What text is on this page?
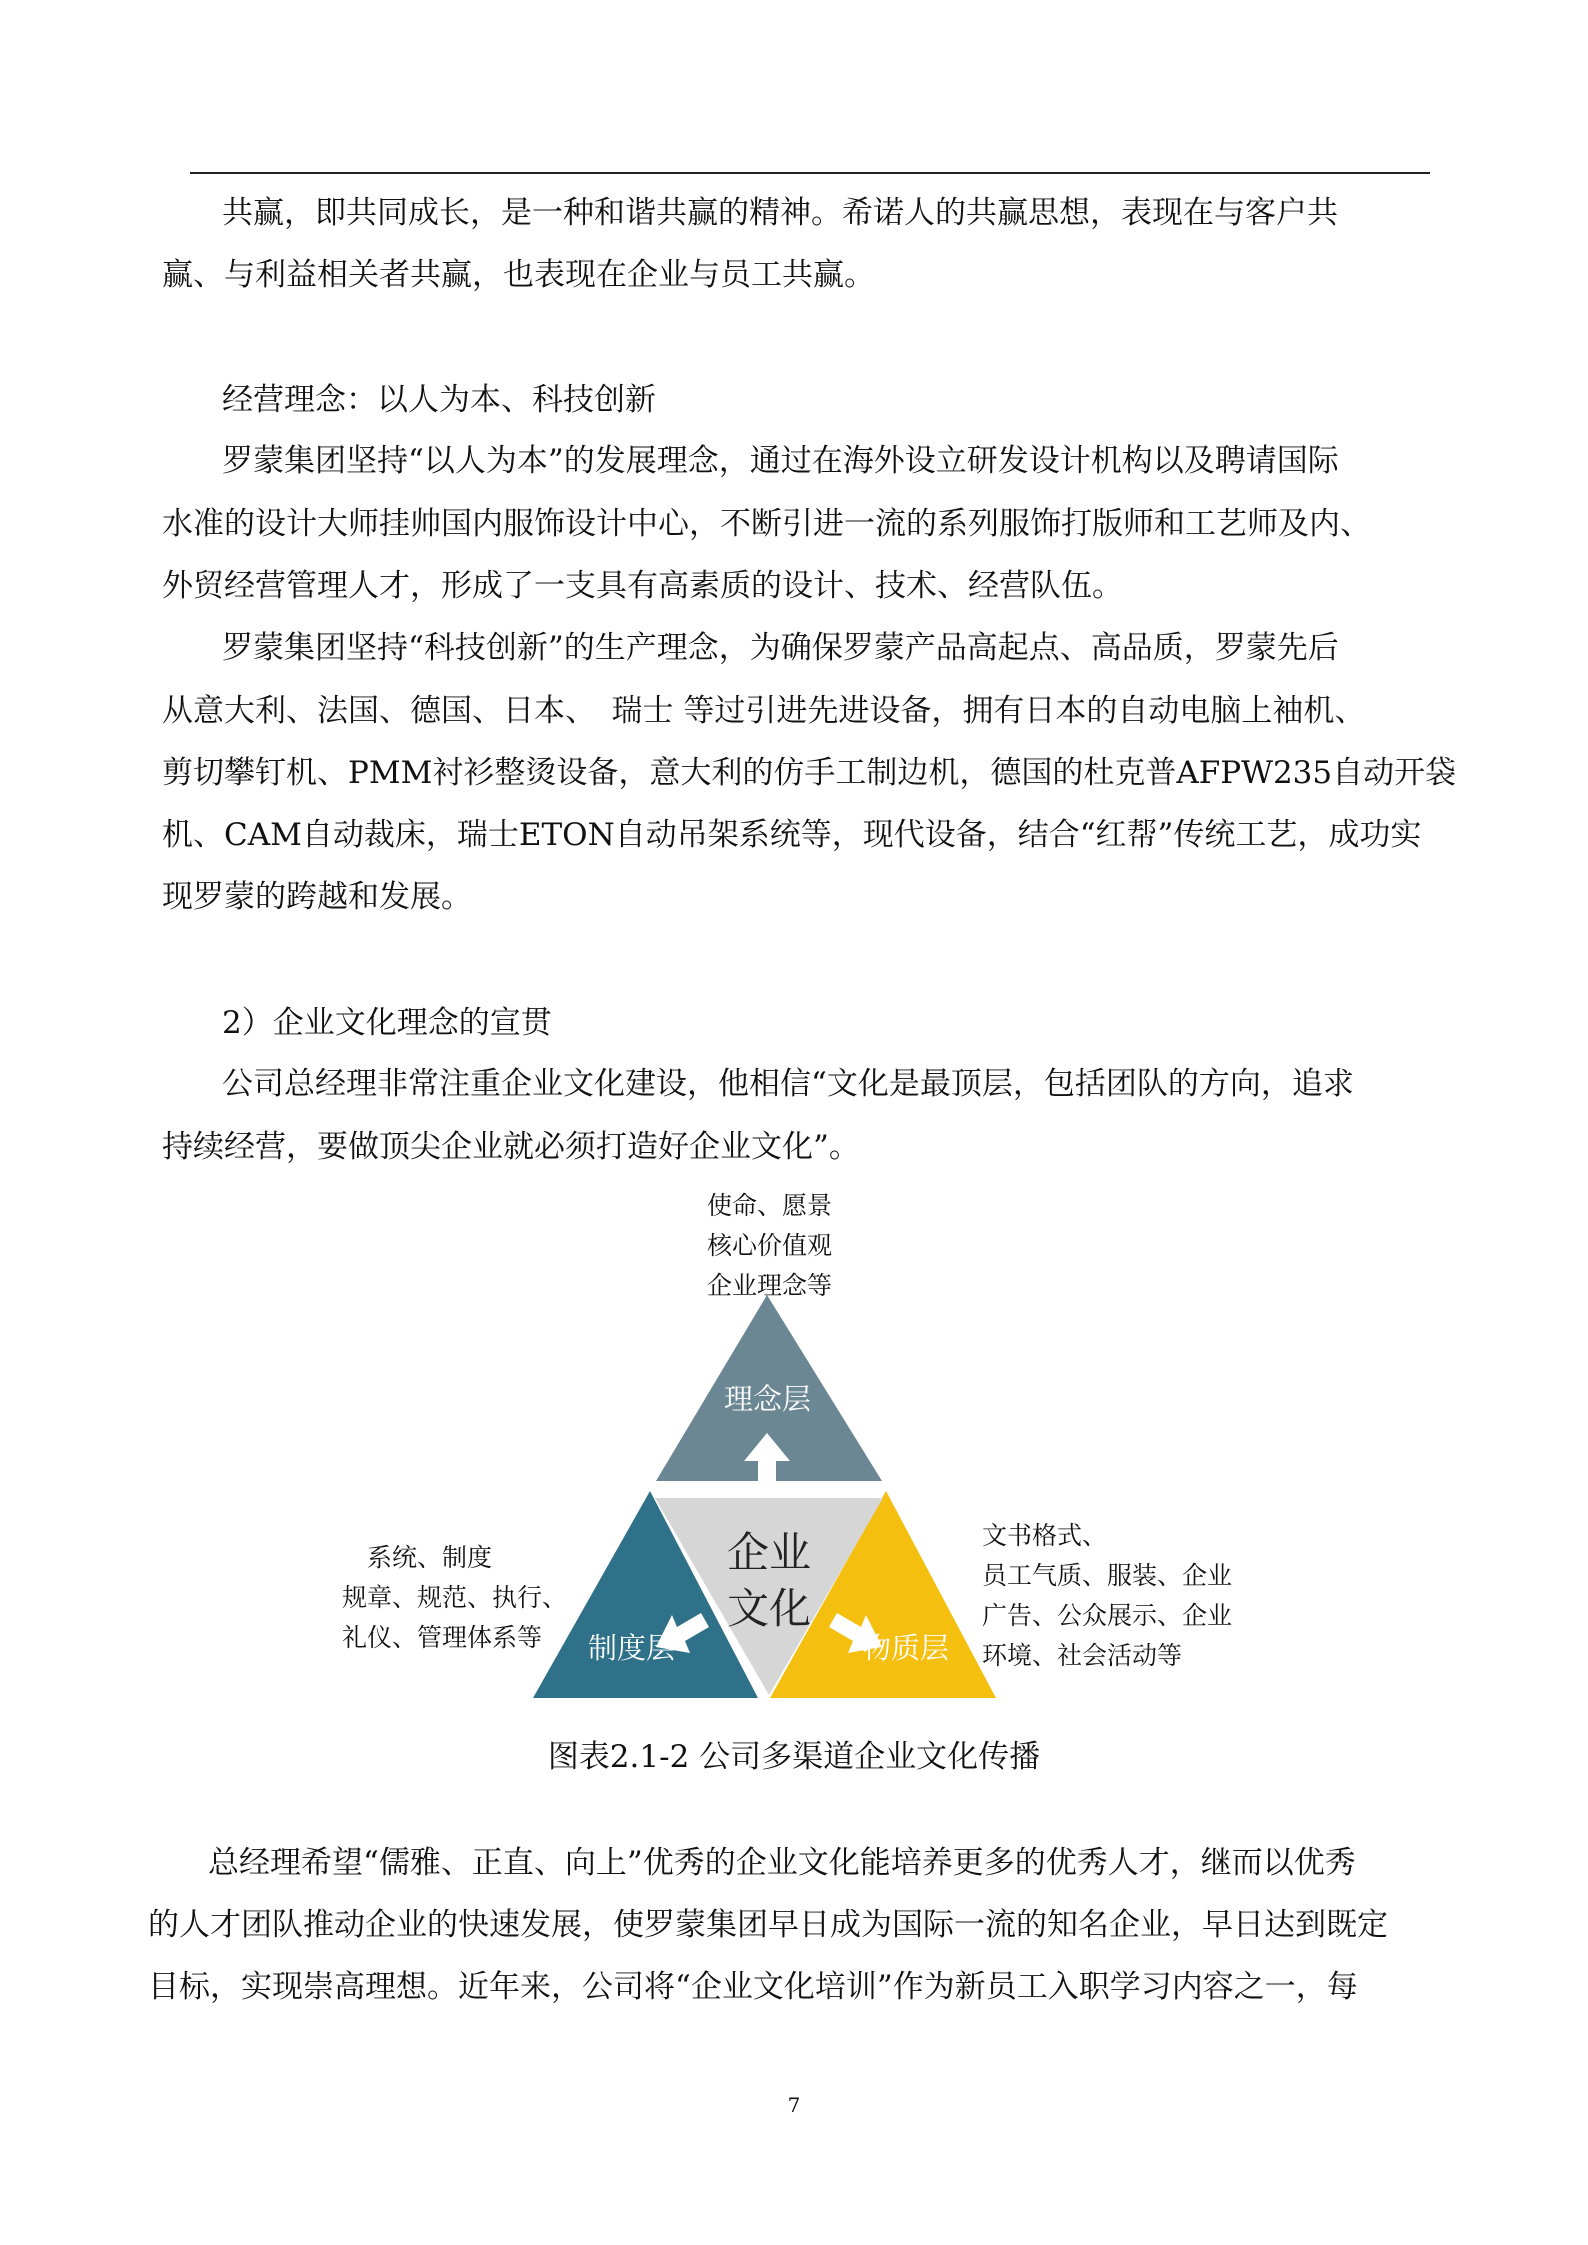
共赢，即共同成长，是一种和谐共赢的精神。希诺人的共赢思想，表现在与客户共
赢、与利益相关者共赢，也表现在企业与员工共赢。
经营理念：以人为本、科技创新
罗蒙集团坚持“以人为本”的发展理念，通过在海外设立研发设计机构以及聘请国际
水准的设计大师挂帅国内服饰设计中心，不断引进一流的系列服饰打版师和工艺师及内、
外贸经营管理人才，形成了一支具有高素质的设计、技术、经营队伍。
罗蒙集团坚持“科技创新”的生产理念，为确保罗蒙产品高起点、高品质，罗蒙先后
从意大利、法国、德国、日本、　瑞士 等过引进先进设备，拥有日本的自动电脑上袖机、
剪切攀钉机、PMM衬衫整烫设备，意大利的仿手工制边机，德国的杜克普AFPW235自动开袋
机、CAM自动裁床，瑞士ETON自动吊架系统等，现代设备，结合“红帮”传统工艺，成功实
现罗蒙的跨越和发展。
2）企业文化理念的宣贯
公司总经理非常注重企业文化建设，他相信“文化是最顶层，包括团队的方向，追求
持续经营，要做顶尖企业就必须打造好企业文化”。
使命、愿景
核心价值观
企业理念等
理念层
企业
文化
制度层	物质层
系统、制度
规章、规范、执行、
礼仪、管理体系等
文书格式、
员工气质、服装、企业
广告、公众展示、企业
环境、社会活动等
图表2.1-2 公司多渠道企业文化传播
总经理希望“儒雅、正直、向上”优秀的企业文化能培养更多的优秀人才，继而以优秀
的人才团队推动企业的快速发展，使罗蒙集团早日成为国际一流的知名企业，早日达到既定
目标，实现崇高理想。近年来，公司将“企业文化培训”作为新员工入职学习内容之一，每
7
